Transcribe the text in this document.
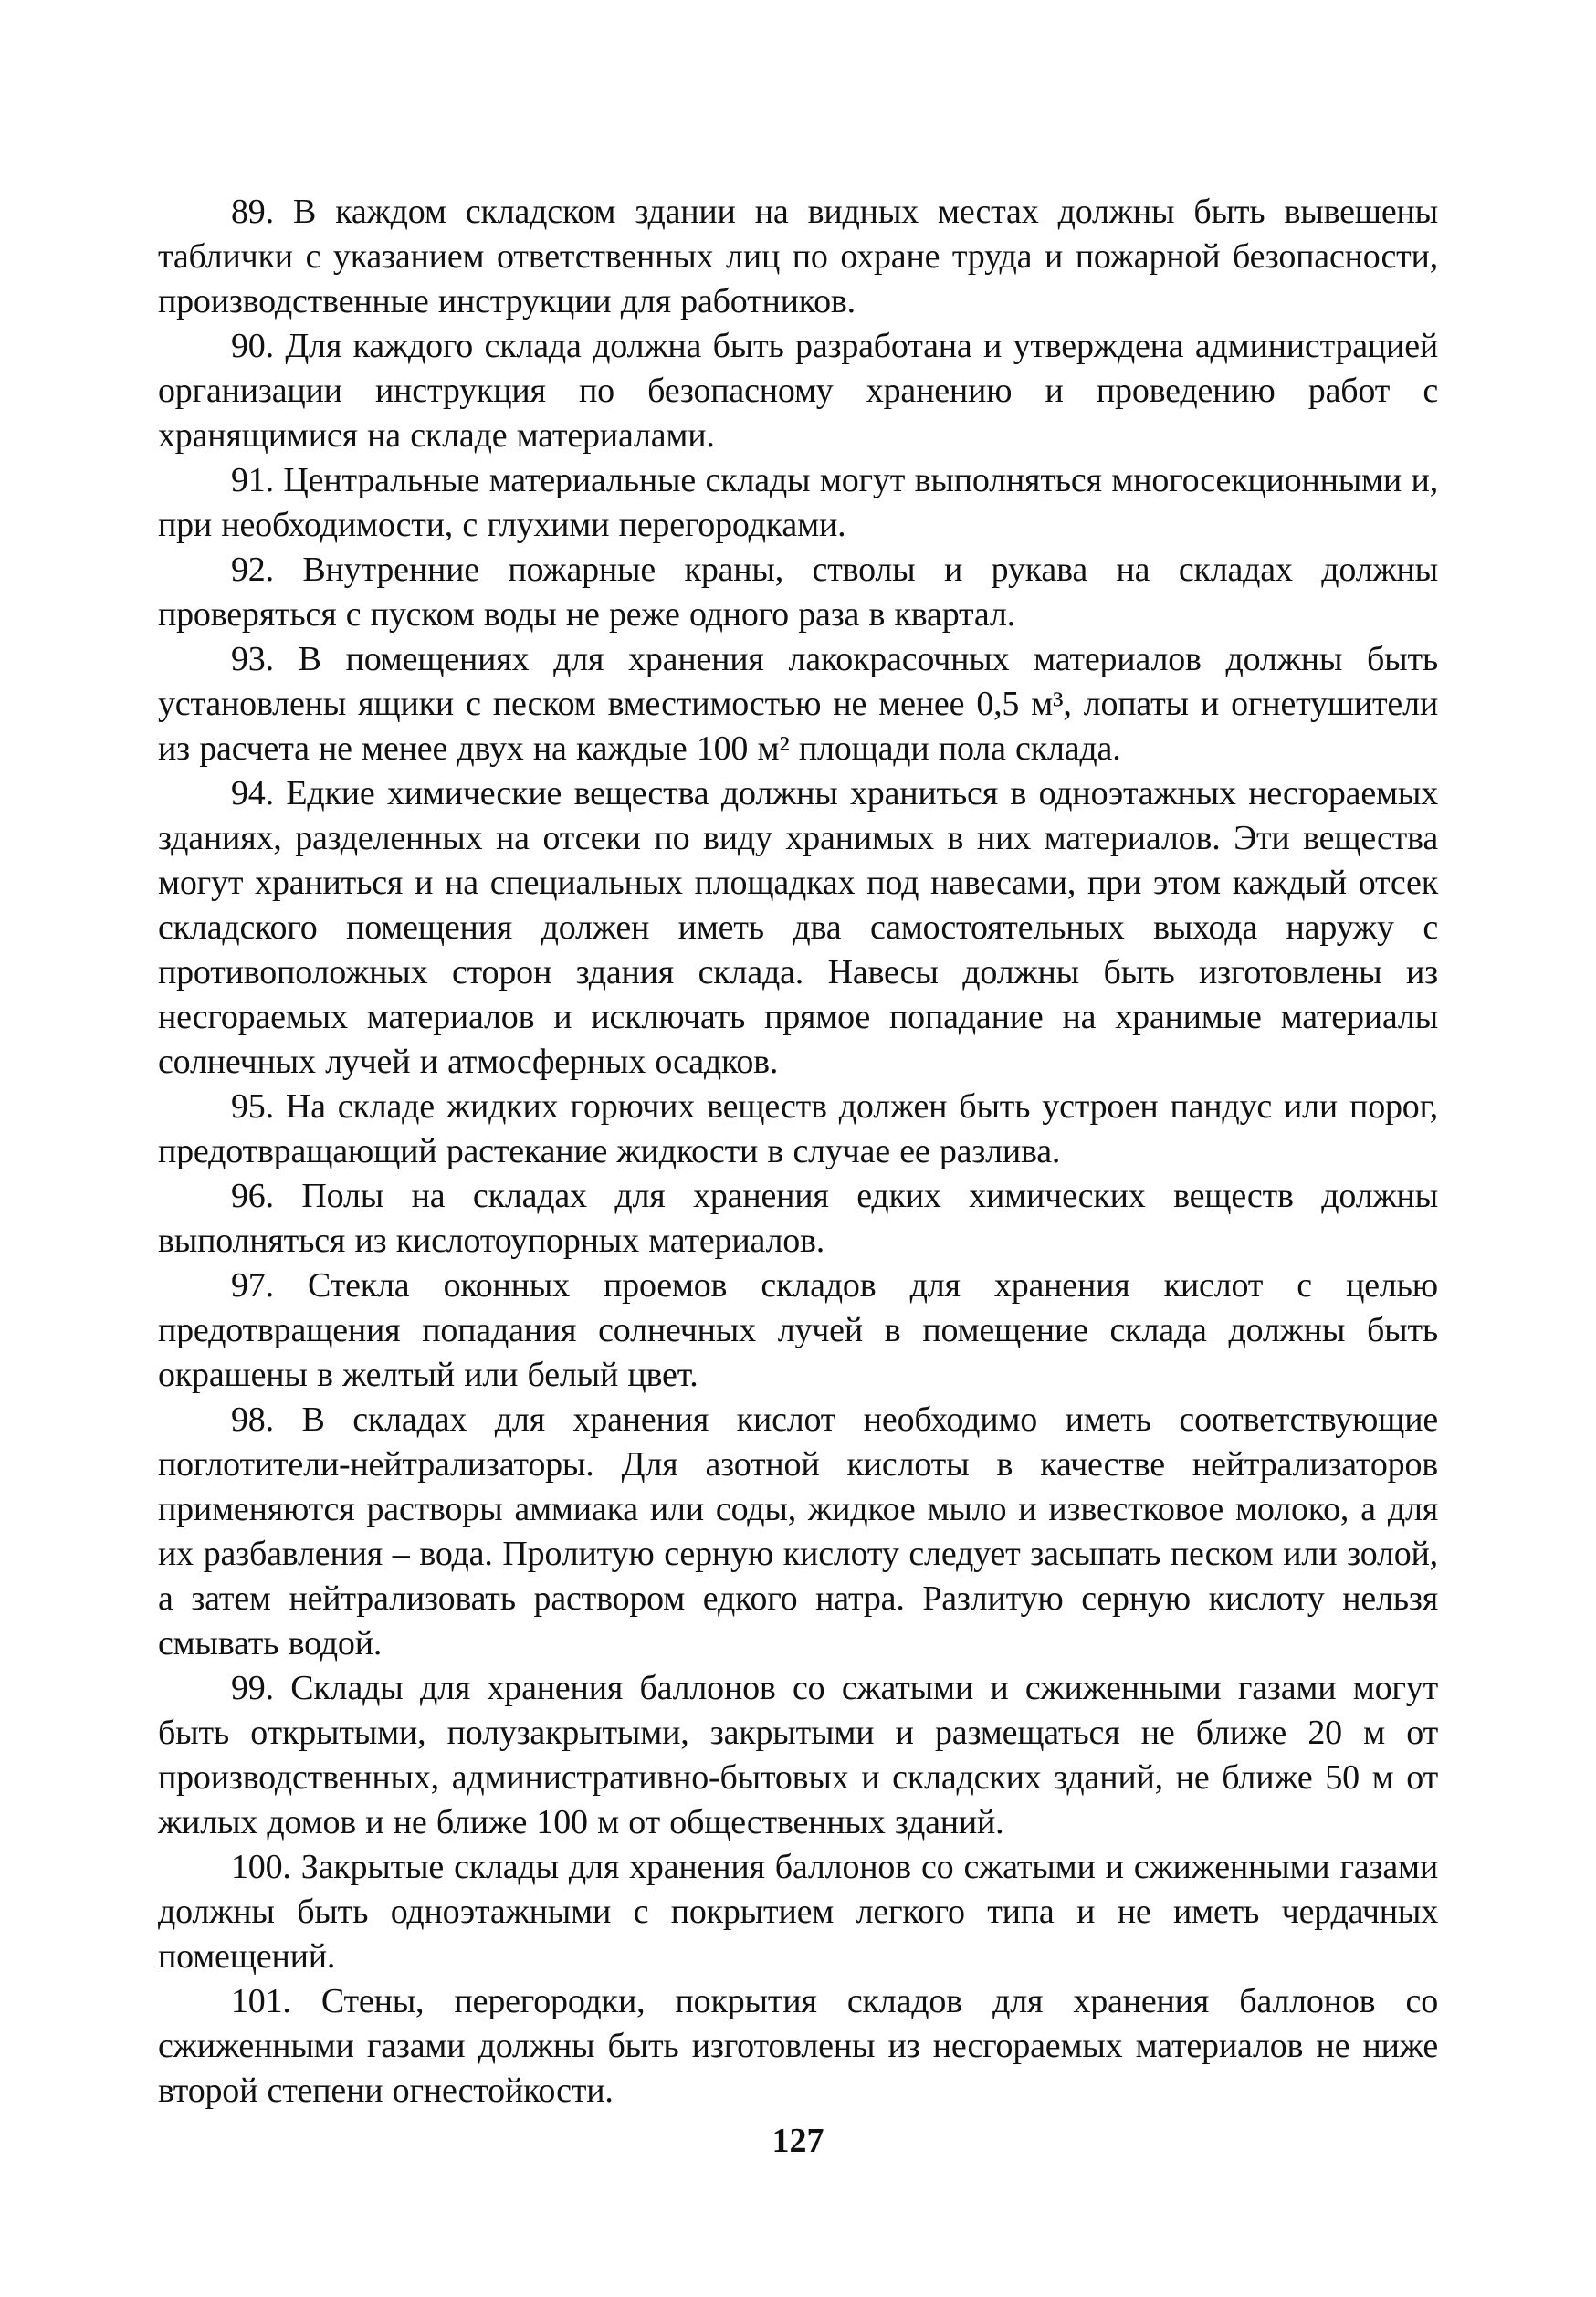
89. В каждом складском здании на видных местах должны быть вывешены таблички с указанием ответственных лиц по охране труда и пожарной безопасности, производственные инструкции для работников.

90. Для каждого склада должна быть разработана и утверждена администрацией организации инструкция по безопасному хранению и проведению работ с хранящимися на складе материалами.

91. Центральные материальные склады могут выполняться многосекционными и, при необходимости, с глухими перегородками.

92. Внутренние пожарные краны, стволы и рукава на складах должны проверяться с пуском воды не реже одного раза в квартал.

93. В помещениях для хранения лакокрасочных материалов должны быть установлены ящики с песком вместимостью не менее 0,5 м³, лопаты и огнетушители из расчета не менее двух на каждые 100 м² площади пола склада.

94. Едкие химические вещества должны храниться в одноэтажных несгораемых зданиях, разделенных на отсеки по виду хранимых в них материалов. Эти вещества могут храниться и на специальных площадках под навесами, при этом каждый отсек складского помещения должен иметь два самостоятельных выхода наружу с противоположных сторон здания склада. Навесы должны быть изготовлены из несгораемых материалов и исключать прямое попадание на хранимые материалы солнечных лучей и атмосферных осадков.

95. На складе жидких горючих веществ должен быть устроен пандус или порог, предотвращающий растекание жидкости в случае ее разлива.

96. Полы на складах для хранения едких химических веществ должны выполняться из кислотоупорных материалов.

97. Стекла оконных проемов складов для хранения кислот с целью предотвращения попадания солнечных лучей в помещение склада должны быть окрашены в желтый или белый цвет.

98. В складах для хранения кислот необходимо иметь соответствующие поглотители-нейтрализаторы. Для азотной кислоты в качестве нейтрализаторов применяются растворы аммиака или соды, жидкое мыло и известковое молоко, а для их разбавления – вода. Пролитую серную кислоту следует засыпать песком или золой, а затем нейтрализовать раствором едкого натра. Разлитую серную кислоту нельзя смывать водой.

99. Склады для хранения баллонов со сжатыми и сжиженными газами могут быть открытыми, полузакрытыми, закрытыми и размещаться не ближе 20 м от производственных, административно-бытовых и складских зданий, не ближе 50 м от жилых домов и не ближе 100 м от общественных зданий.

100. Закрытые склады для хранения баллонов со сжатыми и сжиженными газами должны быть одноэтажными с покрытием легкого типа и не иметь чердачных помещений.

101. Стены, перегородки, покрытия складов для хранения баллонов со сжиженными газами должны быть изготовлены из несгораемых материалов не ниже второй степени огнестойкости.

127
